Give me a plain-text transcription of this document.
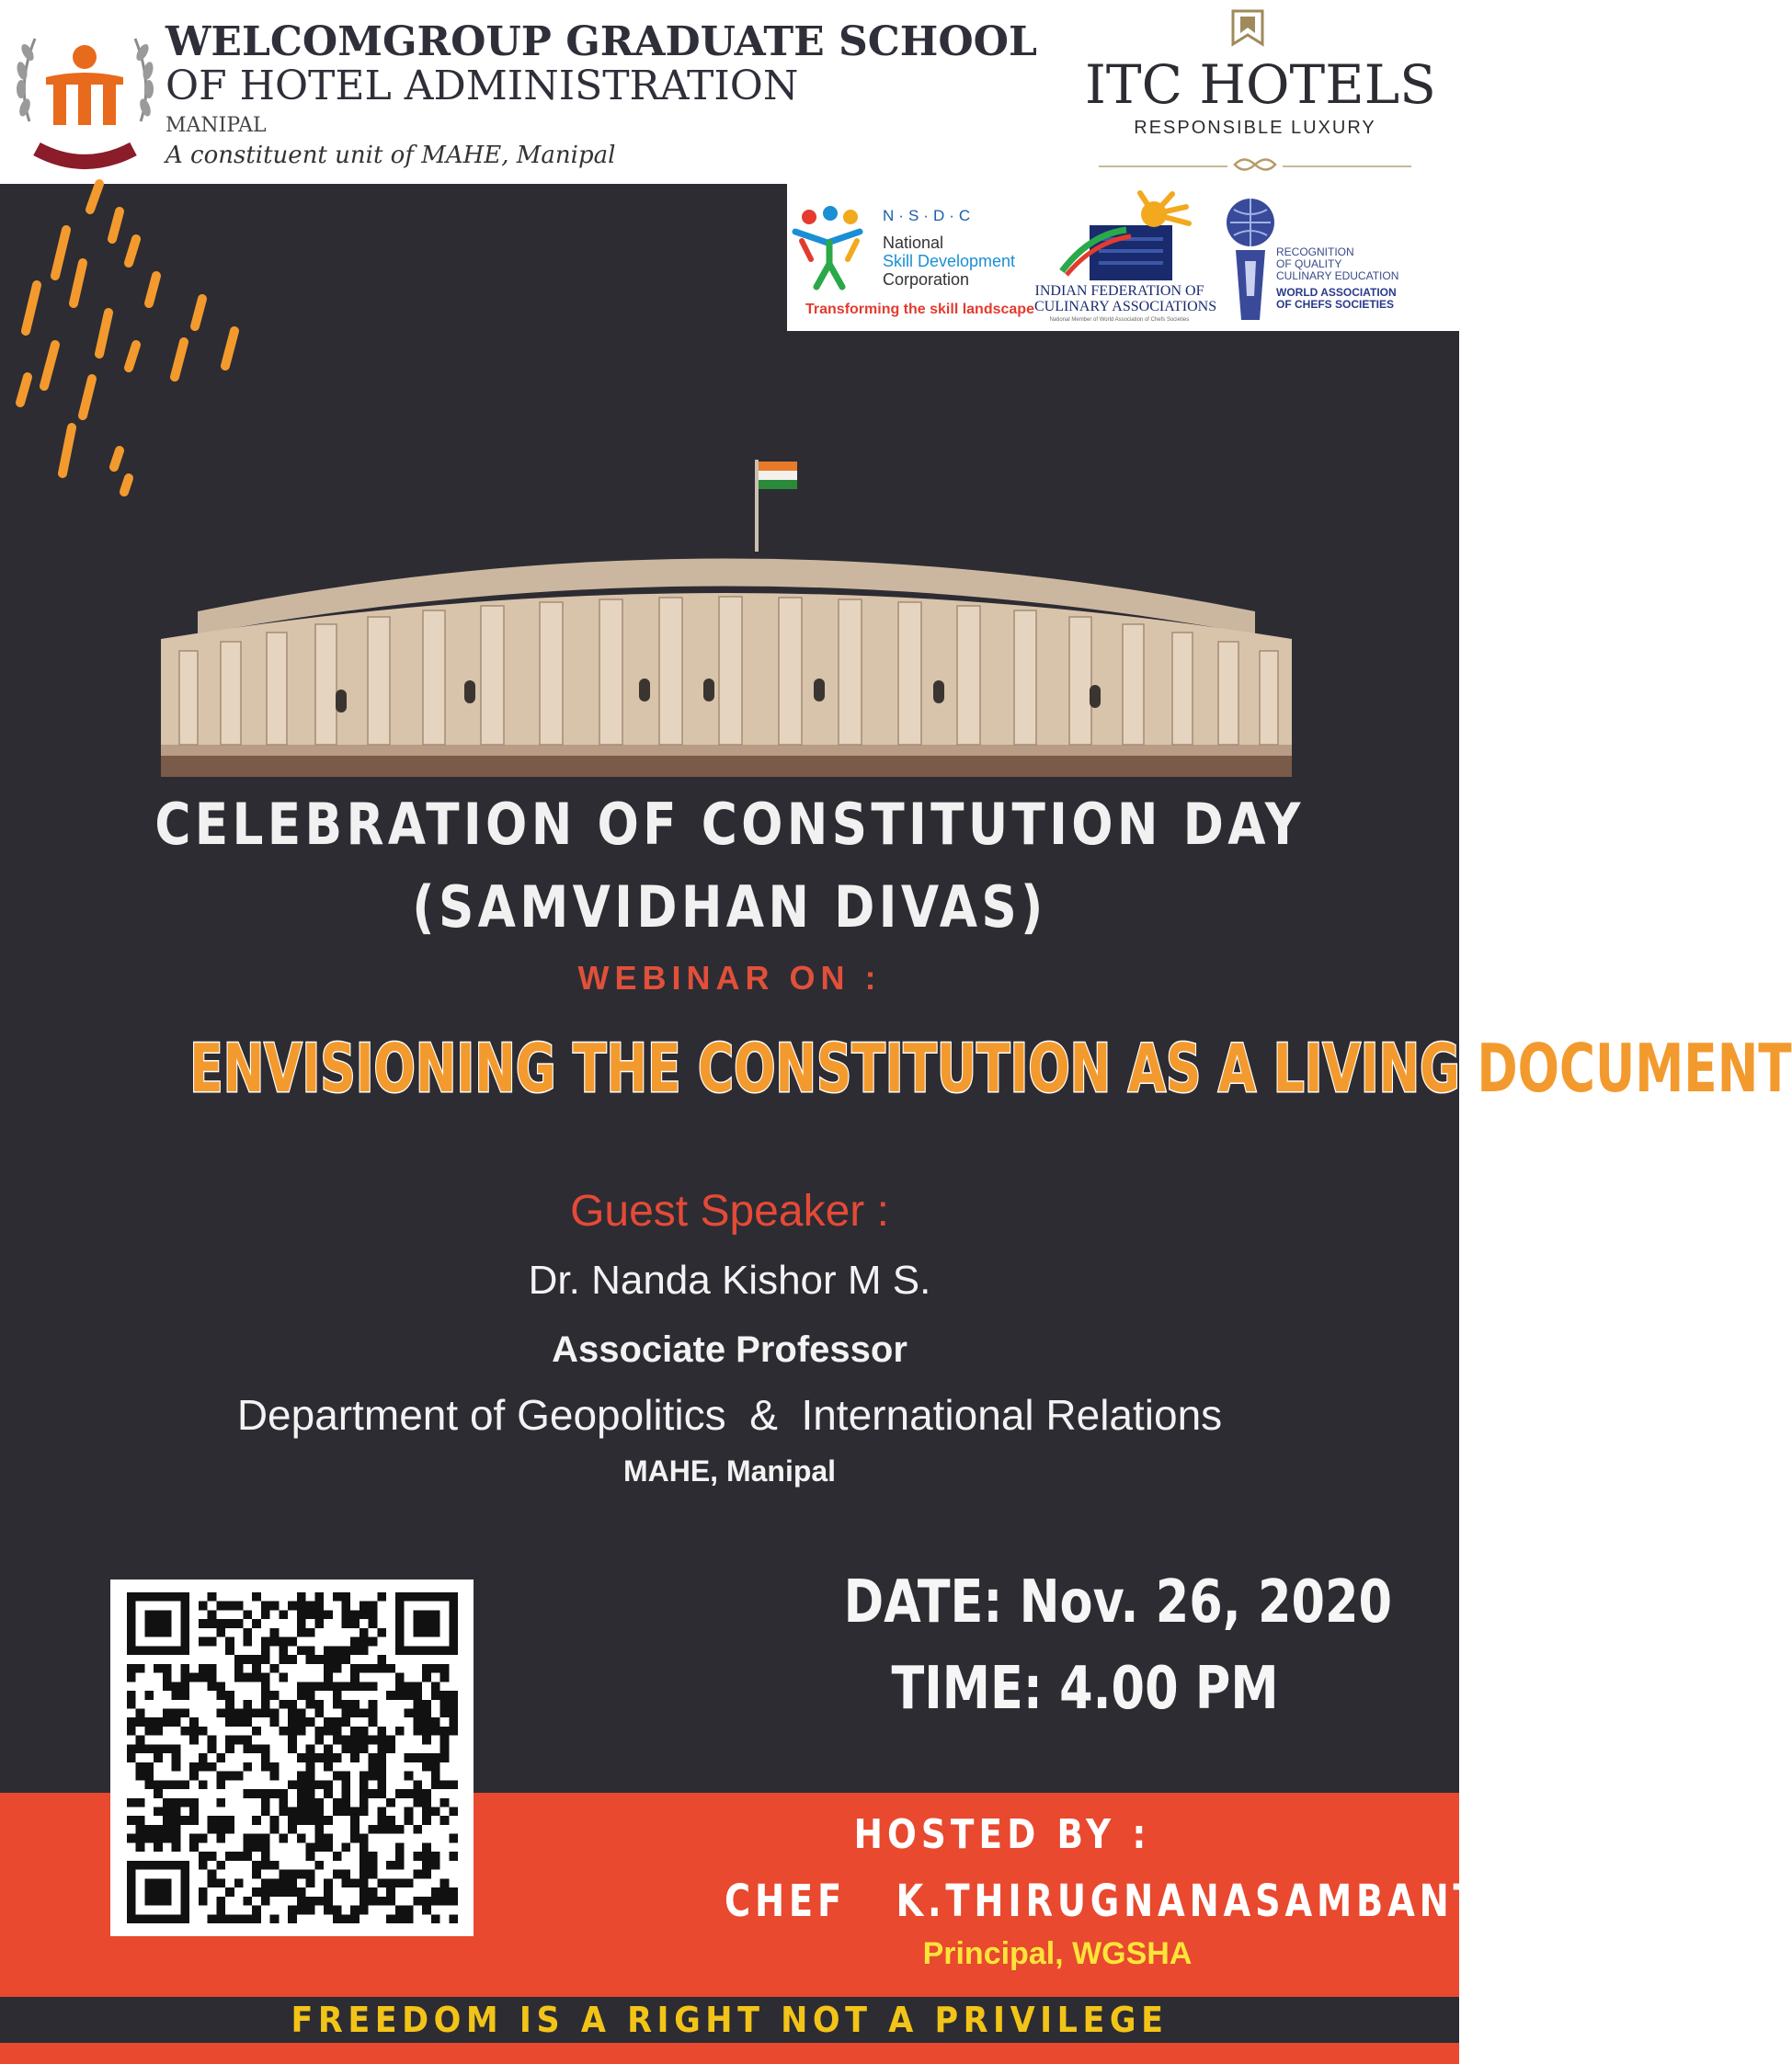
WELCOMGROUP GRADUATE SCHOOL
OF HOTEL ADMINISTRATION
MANIPAL
A constituent unit of MAHE, Manipal
ITC HOTELS
RESPONSIBLE LUXURY
N·S·D·C
National
Skill Development
Corporation
Transforming the skill landscape
INDIAN FEDERATION OF
CULINARY ASSOCIATIONS
National Member of World Association of Chefs Societies
RECOGNITION
OF QUALITY
CULINARY EDUCATION
WORLD ASSOCIATION
OF CHEFS SOCIETIES
CELEBRATION OF CONSTITUTION DAY
(SAMVIDHAN DIVAS)
WEBINAR ON :
ENVISIONING THE CONSTITUTION AS A LIVING DOCUMENT
Guest Speaker :
Dr. Nanda Kishor M S.
Associate Professor
Department of Geopolitics  &  International Relations
MAHE, Manipal
DATE: Nov. 26, 2020
TIME: 4.00 PM
HOSTED BY :
CHEF   K.THIRUGNANASAMBANTHAM
Principal, WGSHA
FREEDOM IS A RIGHT NOT A PRIVILEGE
